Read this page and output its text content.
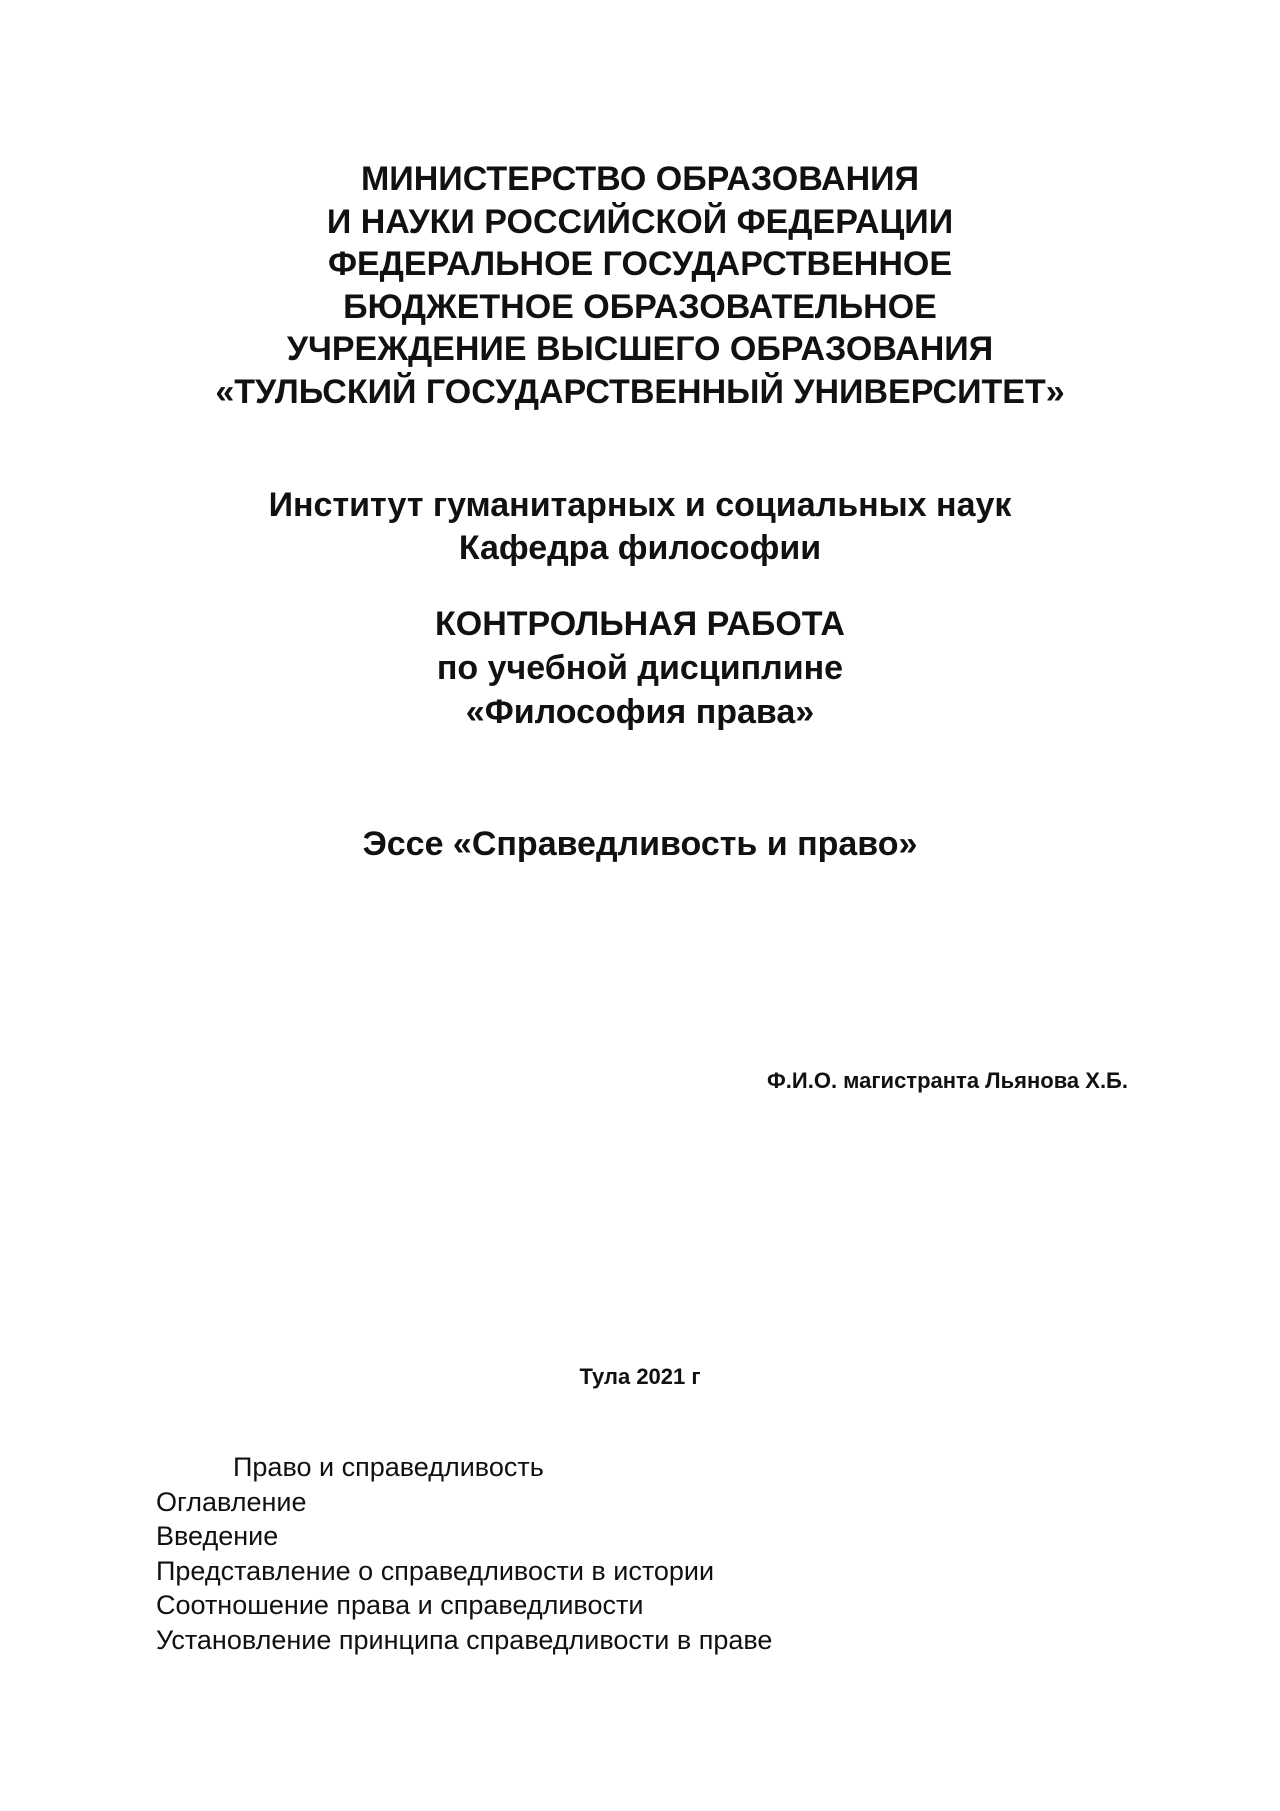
МИНИСТЕРСТВО ОБРАЗОВАНИЯ
И НАУКИ РОССИЙСКОЙ ФЕДЕРАЦИИ
ФЕДЕРАЛЬНОЕ ГОСУДАРСТВЕННОЕ
БЮДЖЕТНОЕ ОБРАЗОВАТЕЛЬНОЕ
УЧРЕЖДЕНИЕ ВЫСШЕГО ОБРАЗОВАНИЯ
«ТУЛЬСКИЙ ГОСУДАРСТВЕННЫЙ УНИВЕРСИТЕТ»
Институт гуманитарных и социальных наук
Кафедра философии
КОНТРОЛЬНАЯ РАБОТА
по учебной дисциплине
«Философия права»
Эссе «Справедливость и право»
Ф.И.О. магистранта Льянова Х.Б.
Тула 2021 г
Право и справедливость
Оглавление
Введение
Представление о справедливости в истории
Соотношение права и справедливости
Установление принципа справедливости в праве
